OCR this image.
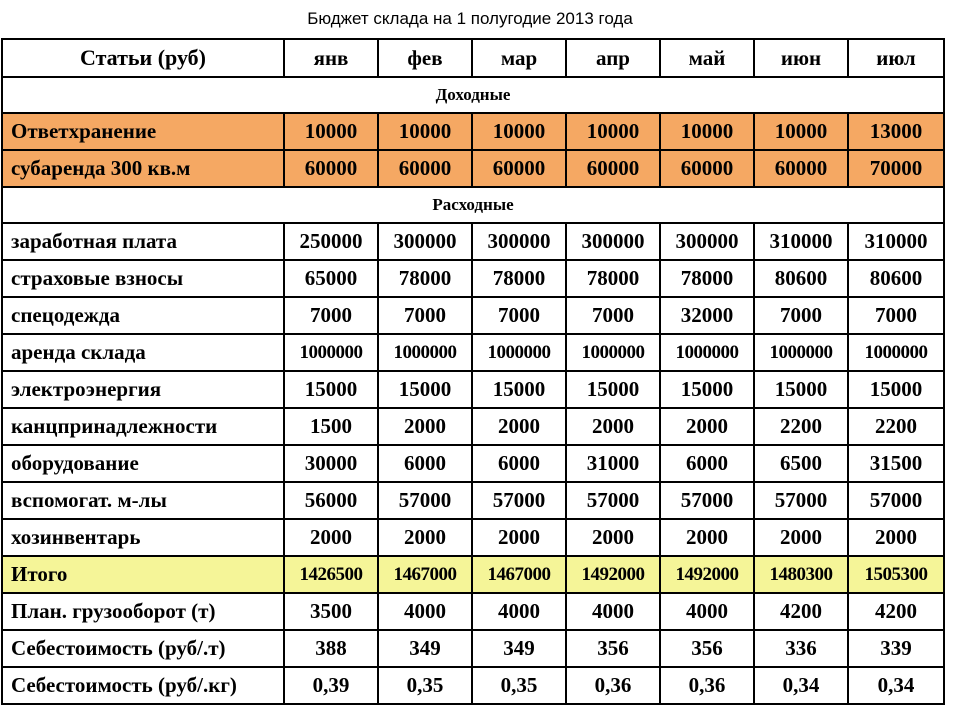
Бюджет склада на 1 полугодие 2013 года
Статьи (руб)	янв	фев	мар	апр	май	июн	июл
Доходные							
Ответхранение	10000	10000	10000	10000	10000	10000	13000
субаренда 300 кв.м	60000	60000	60000	60000	60000	60000	70000
Расходные							
заработная плата	250000	300000	300000	300000	300000	310000	310000
страховые взносы	65000	78000	78000	78000	78000	80600	80600
спецодежда	7000	7000	7000	7000	32000	7000	7000
аренда склада	1000000	1000000	1000000	1000000	1000000	1000000	1000000
электроэнергия	15000	15000	15000	15000	15000	15000	15000
канцпринадлежности	1500	2000	2000	2000	2000	2200	2200
оборудование	30000	6000	6000	31000	6000	6500	31500
вспомогат. м-лы	56000	57000	57000	57000	57000	57000	57000
хозинвентарь	2000	2000	2000	2000	2000	2000	2000
Итого	1426500	1467000	1467000	1492000	1492000	1480300	1505300
План. грузооборот (т)	3500	4000	4000	4000	4000	4200	4200
Себестоимость (руб/.т)	388	349	349	356	356	336	339
Себестоимость (руб/.кг)	0,39	0,35	0,35	0,36	0,36	0,34	0,34
